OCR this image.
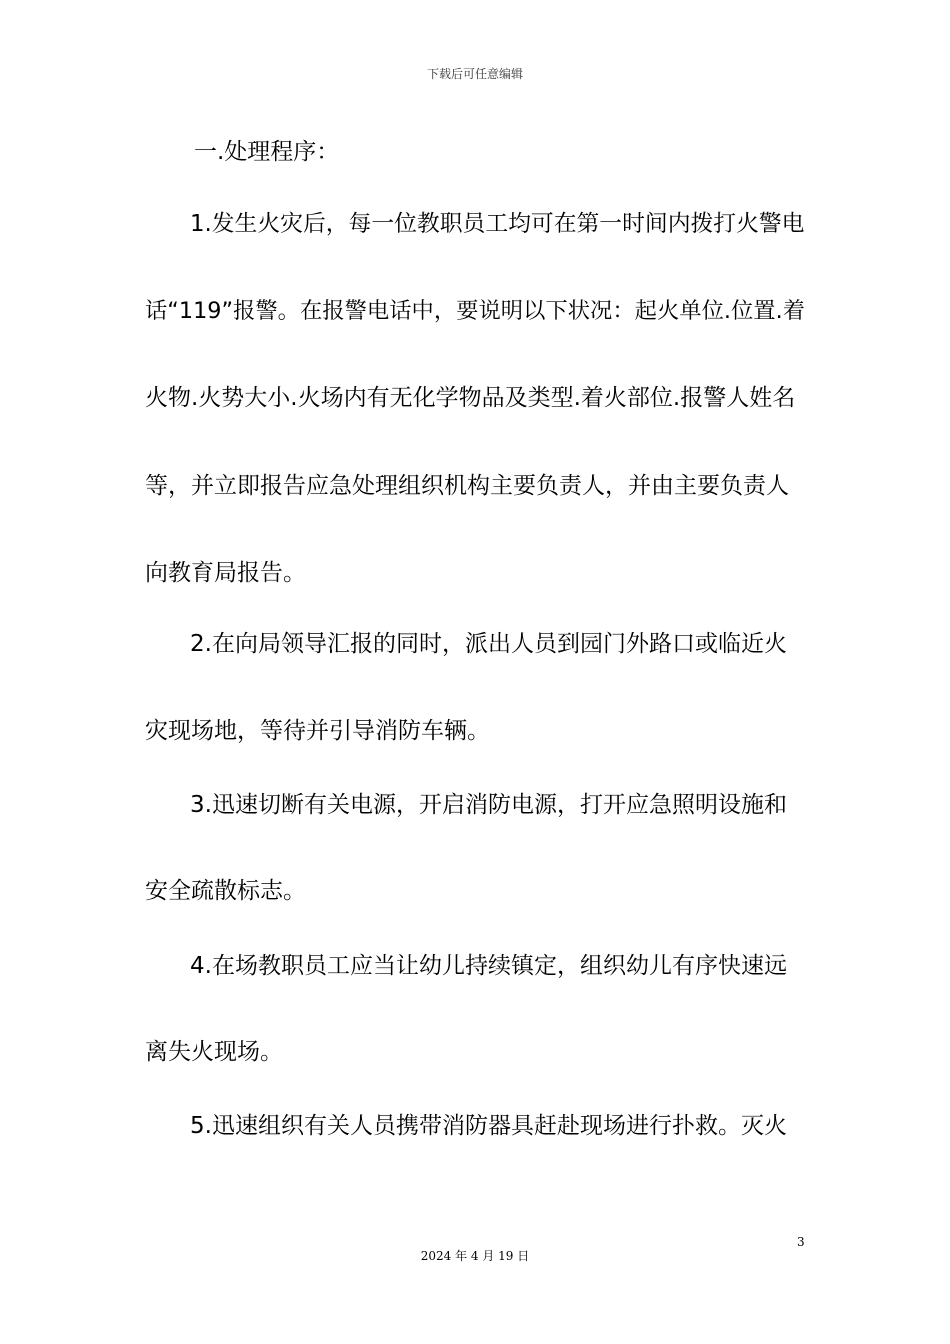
下载后可任意编辑
一.处理程序：
1.发生火灾后，每一位教职员工均可在第一时间内拨打火警电
话“119”报警。在报警电话中，要说明以下状况：起火单位.位置.着
火物.火势大小.火场内有无化学物品及类型.着火部位.报警人姓名
等，并立即报告应急处理组织机构主要负责人，并由主要负责人
向教育局报告。
2.在向局领导汇报的同时，派出人员到园门外路口或临近火
灾现场地，等待并引导消防车辆。
3.迅速切断有关电源，开启消防电源，打开应急照明设施和
安全疏散标志。
4.在场教职员工应当让幼儿持续镇定，组织幼儿有序快速远
离失火现场。
5.迅速组织有关人员携带消防器具赶赴现场进行扑救。灭火
3
2024 年 4 月 19 日
